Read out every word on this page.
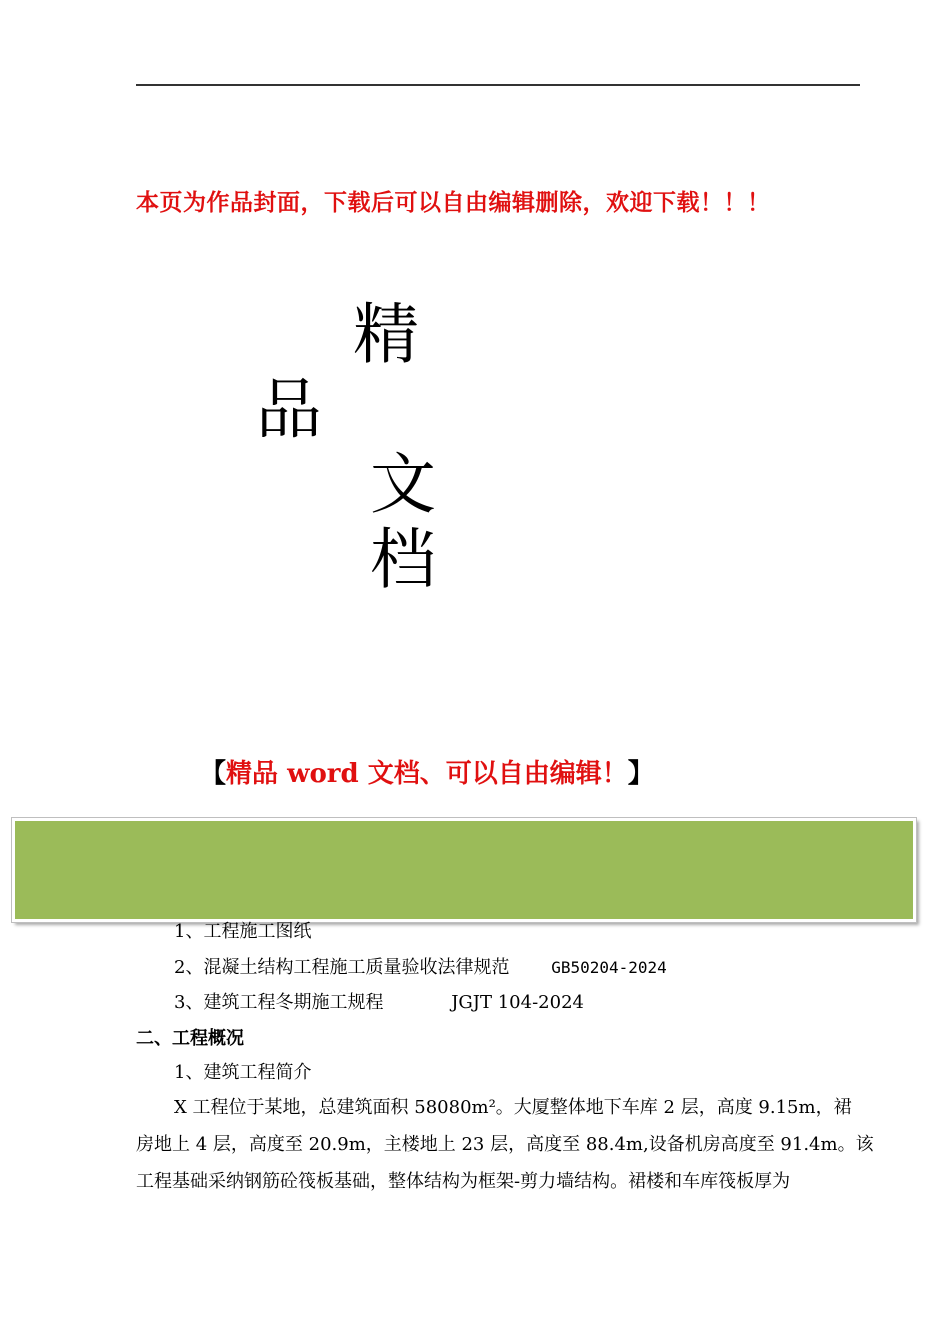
本页为作品封面，下载后可以自由编辑删除，欢迎下载！！！
精
品
文
档
【精品 word 文档、可以自由编辑！】
1、工程施工图纸
2、混凝土结构工程施工质量验收法律规范	GB50204-2024
3、建筑工程冬期施工规程	JGJT 104-2024
二、工程概况
1、建筑工程简介
X 工程位于某地，总建筑面积 58080m²。大厦整体地下车库 2 层，高度 9.15m，裙
房地上 4 层，高度至 20.9m，主楼地上 23 层，高度至 88.4m,设备机房高度至 91.4m。该
工程基础采纳钢筋砼筏板基础，整体结构为框架-剪力墙结构。裙楼和车库筏板厚为
